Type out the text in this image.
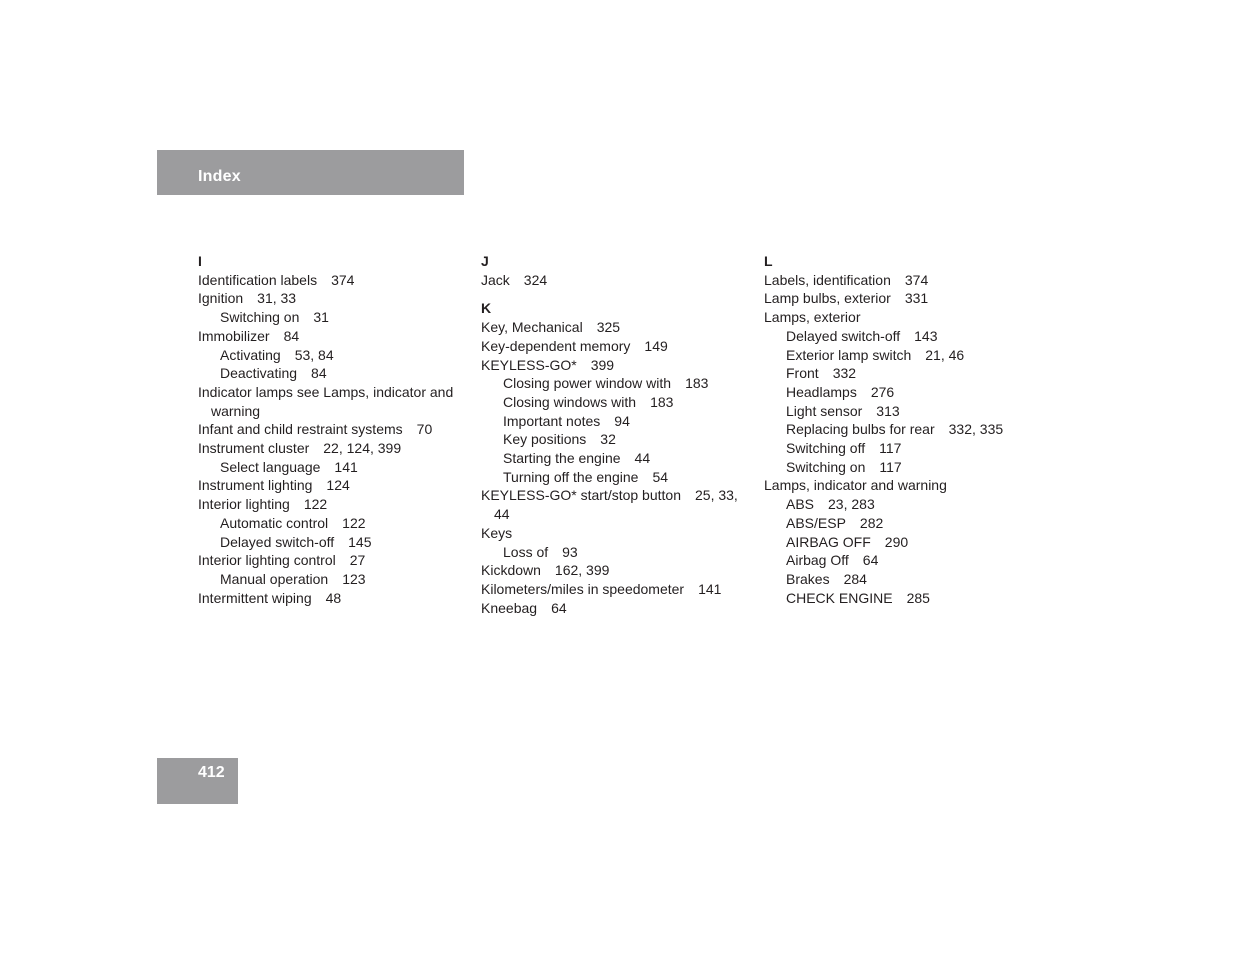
Index
I
Identification labels 374
Ignition 31, 33
Switching on 31
Immobilizer 84
Activating 53, 84
Deactivating 84
Indicator lamps see Lamps, indicator and warning
Infant and child restraint systems 70
Instrument cluster 22, 124, 399
Select language 141
Instrument lighting 124
Interior lighting 122
Automatic control 122
Delayed switch-off 145
Interior lighting control 27
Manual operation 123
Intermittent wiping 48
J
Jack 324
K
Key, Mechanical 325
Key-dependent memory 149
KEYLESS-GO* 399
Closing power window with 183
Closing windows with 183
Important notes 94
Key positions 32
Starting the engine 44
Turning off the engine 54
KEYLESS-GO* start/stop button 25, 33, 44
Keys
Loss of 93
Kickdown 162, 399
Kilometers/miles in speedometer 141
Kneebag 64
L
Labels, identification 374
Lamp bulbs, exterior 331
Lamps, exterior
Delayed switch-off 143
Exterior lamp switch 21, 46
Front 332
Headlamps 276
Light sensor 313
Replacing bulbs for rear 332, 335
Switching off 117
Switching on 117
Lamps, indicator and warning
ABS 23, 283
ABS/ESP 282
AIRBAG OFF 290
Airbag Off 64
Brakes 284
CHECK ENGINE 285
412
